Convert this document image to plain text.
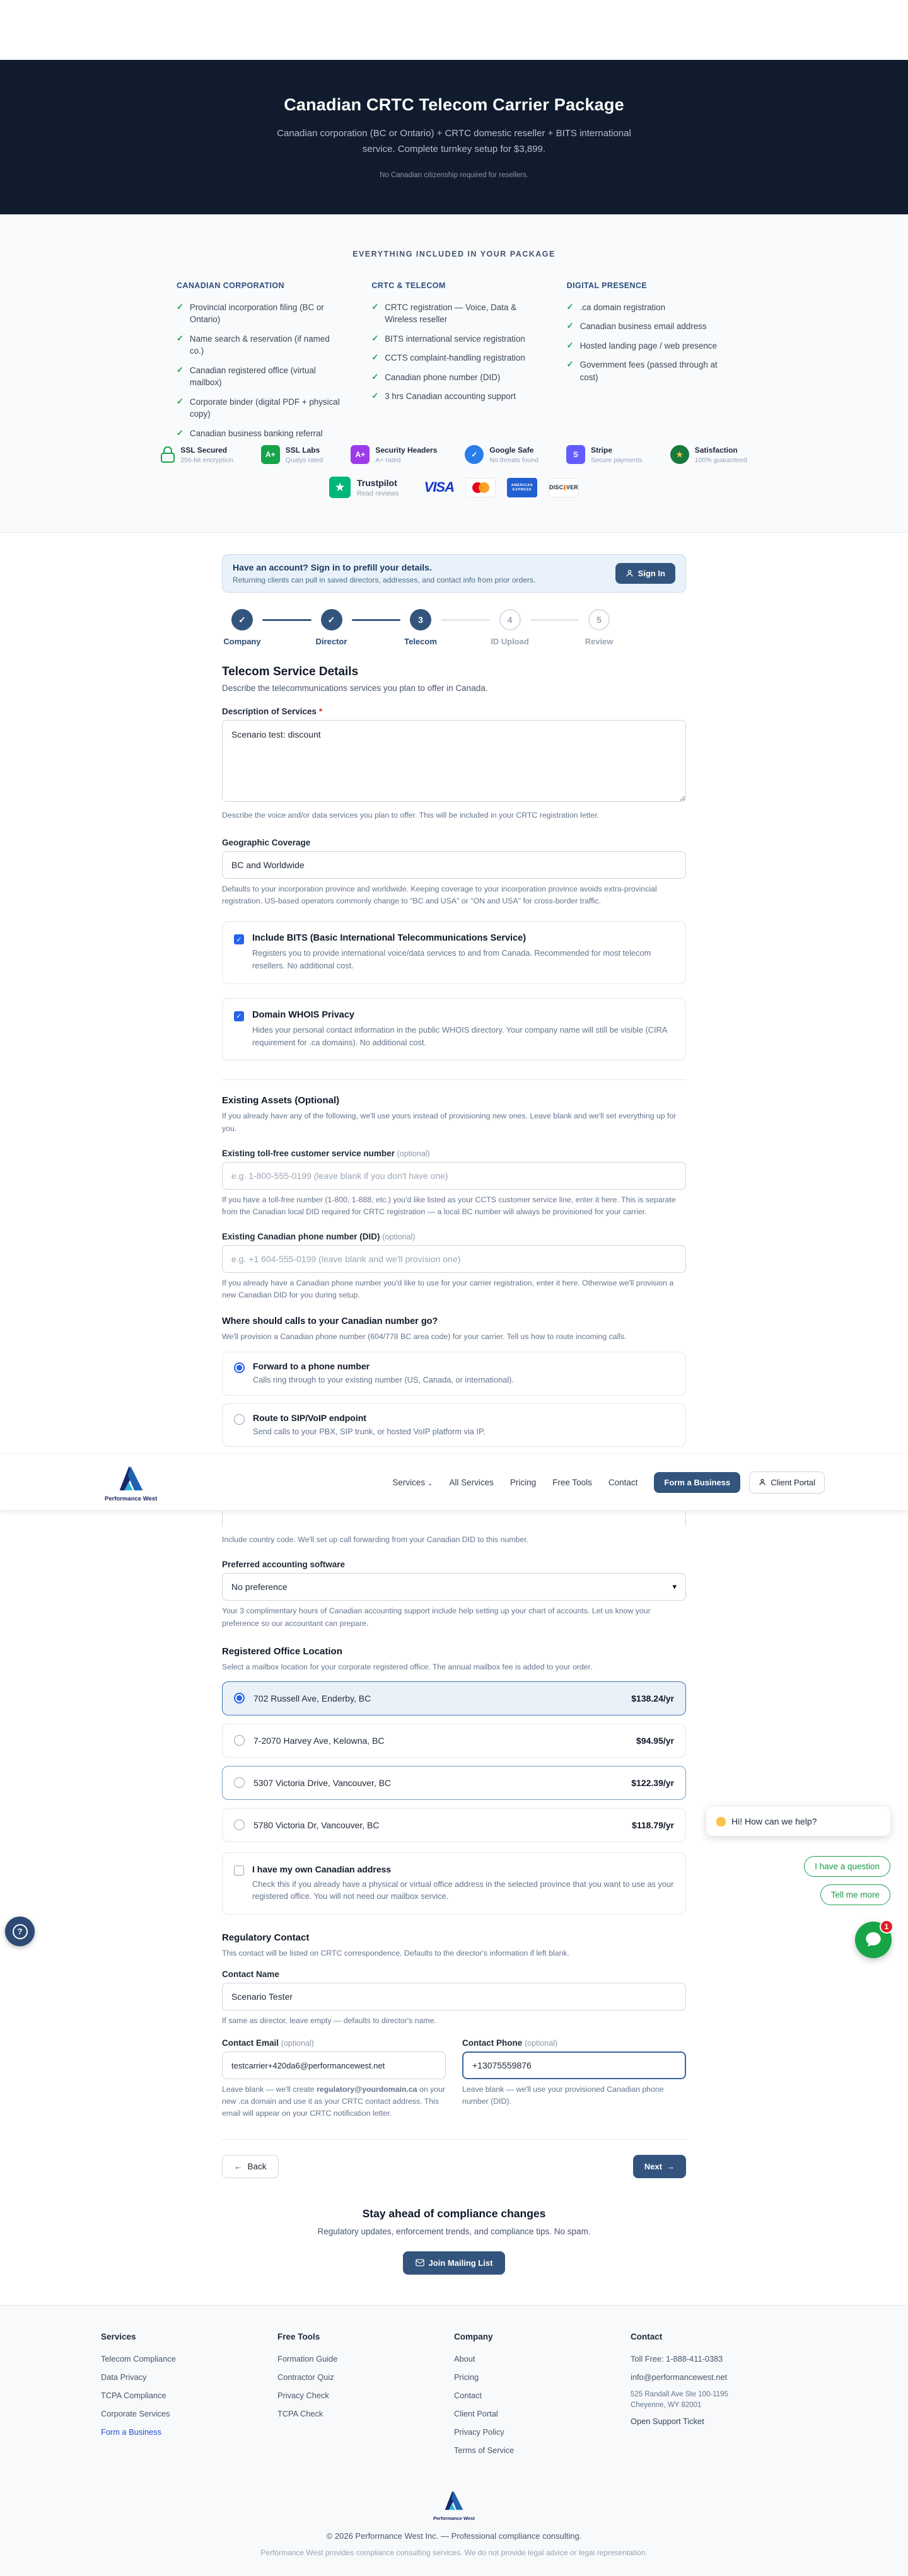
Canadian CRTC Telecom Carrier Package
Canadian corporation (BC or Ontario) + CRTC domestic reseller + BITS international service. Complete turnkey setup for $3,899.
No Canadian citizenship required for resellers.
EVERYTHING INCLUDED IN YOUR PACKAGE
CANADIAN CORPORATION
✓
Provincial incorporation filing (BC or Ontario)
✓
Name search & reservation (if named co.)
✓
Canadian registered office (virtual mailbox)
✓
Corporate binder (digital PDF + physical copy)
✓
Canadian business banking referral
CRTC & TELECOM
✓
CRTC registration — Voice, Data & Wireless reseller
✓
BITS international service registration
✓
CCTS complaint-handling registration
✓
Canadian phone number (DID)
✓
3 hrs Canadian accounting support
DIGITAL PRESENCE
✓
.ca domain registration
✓
Canadian business email address
✓
Hosted landing page / web presence
✓
Government fees (passed through at cost)
SSL Secured
256-bit encryption
A+
SSL Labs
Qualys rated
A+
Security Headers
A+ rated
✓
Google Safe
No threats found
S
Stripe
Secure payments
★
Satisfaction
100% guaranteed
★	Trustpilot
Read reviews VISA	AMERICAN
EXPRESS	DISC VER
Have an account? Sign in to prefill your details.
Returning clients can pull in saved directors, addresses, and contact info from prior orders.
Sign In
✓
Company
✓
Director
3
Telecom
4
ID Upload
5
Review
Telecom Service Details
Describe the telecommunications services you plan to offer in Canada.
Description of Services *
Scenario test: discount
Describe the voice and/or data services you plan to offer. This will be included in your CRTC registration letter.
Geographic Coverage
BC and Worldwide
Defaults to your incorporation province and worldwide. Keeping coverage to your incorporation province avoids extra-provincial registration. US-based operators commonly change to "BC and USA" or "ON and USA" for cross-border traffic.
✓
Include BITS (Basic International Telecommunications Service)
Registers you to provide international voice/data services to and from Canada. Recommended for most telecom resellers. No additional cost.
✓
Domain WHOIS Privacy
Hides your personal contact information in the public WHOIS directory. Your company name will still be visible (CIRA requirement for .ca domains). No additional cost.
Existing Assets (Optional)
If you already have any of the following, we'll use yours instead of provisioning new ones. Leave blank and we'll set everything up for you.
Existing toll-free customer service number (optional)
e.g. 1-800-555-0199 (leave blank if you don't have one)
If you have a toll-free number (1-800, 1-888, etc.) you'd like listed as your CCTS customer service line, enter it here. This is separate from the Canadian local DID required for CRTC registration — a local BC number will always be provisioned for your carrier.
Existing Canadian phone number (DID) (optional)
e.g. +1 604-555-0199 (leave blank and we'll provision one)
If you already have a Canadian phone number you'd like to use for your carrier registration, enter it here. Otherwise we'll provision a new Canadian DID for you during setup.
Where should calls to your Canadian number go?
We'll provision a Canadian phone number (604/778 BC area code) for your carrier. Tell us how to route incoming calls.
Forward to a phone number
Calls ring through to your existing number (US, Canada, or international).
Route to SIP/VoIP endpoint
Send calls to your PBX, SIP trunk, or hosted VoIP platform via IP.
Performance West
Services ⌄ All Services Pricing Free Tools Contact	Form a Business	Client Portal
Include country code. We'll set up call forwarding from your Canadian DID to this number.
Preferred accounting software
No preference
▾
Your 3 complimentary hours of Canadian accounting support include help setting up your chart of accounts. Let us know your preference so our accountant can prepare.
Registered Office Location
Select a mailbox location for your corporate registered office. The annual mailbox fee is added to your order.
702 Russell Ave, Enderby, BC	$138.24/yr
7-2070 Harvey Ave, Kelowna, BC	$94.95/yr
5307 Victoria Drive, Vancouver, BC	$122.39/yr
5780 Victoria Dr, Vancouver, BC	$118.79/yr
I have my own Canadian address
Check this if you already have a physical or virtual office address in the selected province that you want to use as your registered office. You will not need our mailbox service.
Regulatory Contact
This contact will be listed on CRTC correspondence. Defaults to the director's information if left blank.
Contact Name
Scenario Tester
If same as director, leave empty — defaults to director's name.
Contact Email (optional)
testcarrier+420da6@performancewest.net
Leave blank — we'll create regulatory@yourdomain.ca on your new .ca domain and use it as your CRTC contact address. This email will appear on your CRTC notification letter.
Contact Phone (optional)
+13075559876
Leave blank — we'll use your provisioned Canadian phone number (DID).
←
Back	Next
→
Stay ahead of compliance changes

Regulatory updates, enforcement trends, and compliance tips. No spam.

Join Mailing List
Services
Telecom Compliance
Data Privacy
TCPA Compliance
Corporate Services
Form a Business
Free Tools
Formation Guide
Contractor Quiz
Privacy Check
TCPA Check
Company
About
Pricing
Contact
Client Portal
Privacy Policy
Terms of Service
Contact
Toll Free: 1-888-411-0383
info@performancewest.net
525 Randall Ave Ste 100-1195
Cheyenne, WY 82001
Open Support Ticket
Performance West
© 2026 Performance West Inc. — Professional compliance consulting.
Performance West provides compliance consulting services. We do not provide legal advice or legal representation.
Hi! How can we help?
I have a question
Tell me more
1
?
